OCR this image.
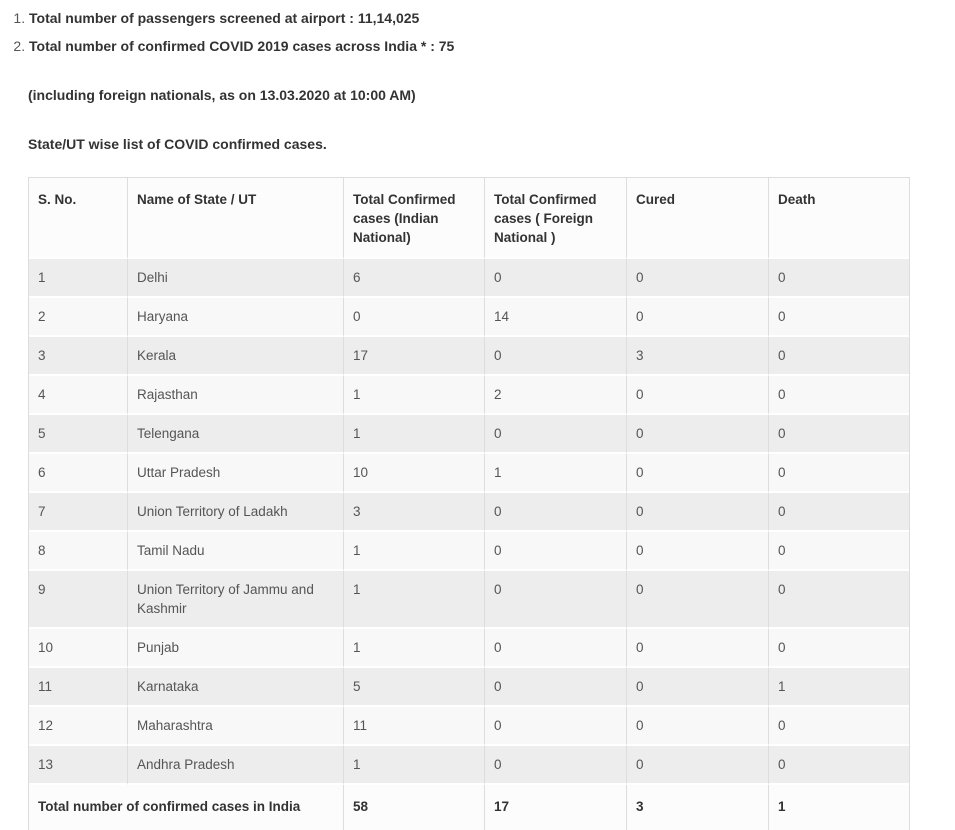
1. Total number of passengers screened at airport : 11,14,025
2. Total number of confirmed COVID 2019 cases across India * : 75

(including foreign nationals, as on 13.03.2020 at 10:00 AM)

State/UT wise list of COVID confirmed cases.

S. No.	Name of State / UT	Total Confirmed cases (Indian National)	Total Confirmed cases ( Foreign National )	Cured	Death
1	Delhi	6	0	0	0
2	Haryana	0	14	0	0
3	Kerala	17	0	3	0
4	Rajasthan	1	2	0	0
5	Telengana	1	0	0	0
6	Uttar Pradesh	10	1	0	0
7	Union Territory of Ladakh	3	0	0	0
8	Tamil Nadu	1	0	0	0
9	Union Territory of Jammu and Kashmir	1	0	0	0
10	Punjab	1	0	0	0
11	Karnataka	5	0	0	1
12	Maharashtra	11	0	0	0
13	Andhra Pradesh	1	0	0	0
Total number of confirmed cases in India		58	17	3	1
